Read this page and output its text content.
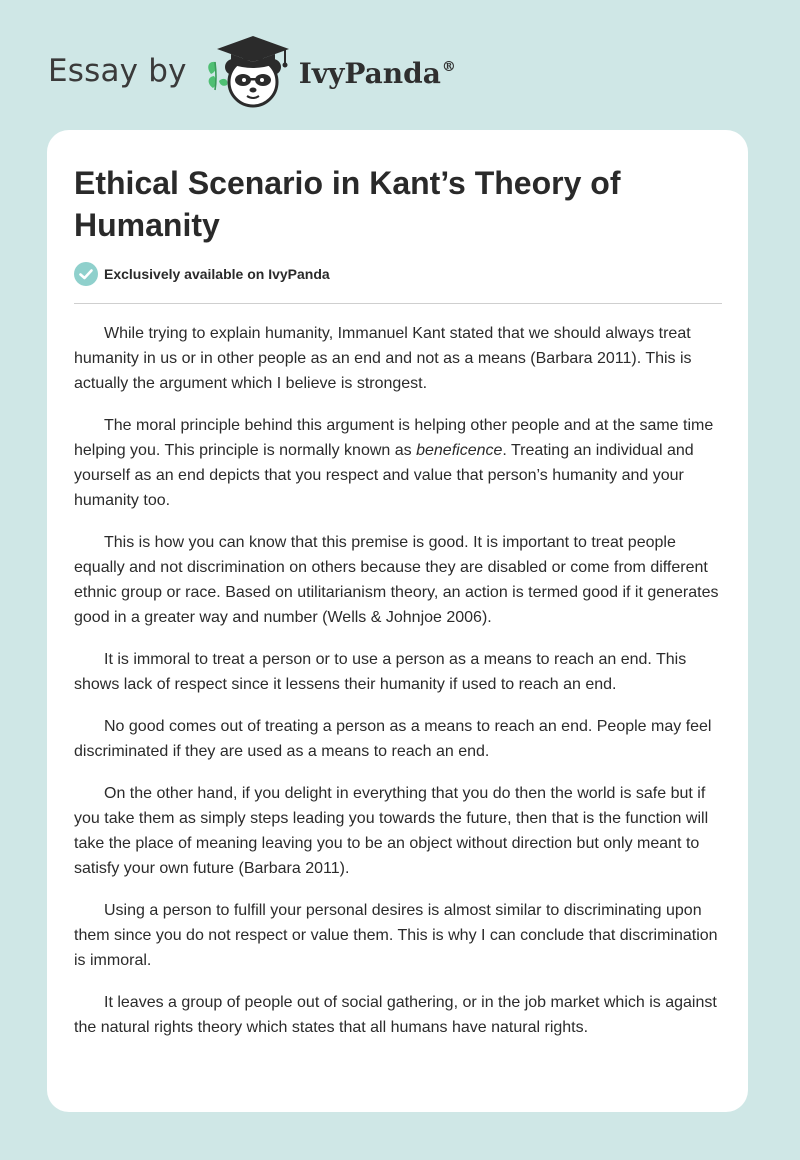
Essay by	IvyPanda®
Ethical Scenario in Kant’s Theory of Humanity
Exclusively available on IvyPanda

While trying to explain humanity, Immanuel Kant stated that we should always treat humanity in us or in other people as an end and not as a means (Barbara 2011). This is actually the argument which I believe is strongest.

The moral principle behind this argument is helping other people and at the same time helping you. This principle is normally known as beneficence. Treating an individual and yourself as an end depicts that you respect and value that person’s humanity and your humanity too.

This is how you can know that this premise is good. It is important to treat people equally and not discrimination on others because they are disabled or come from different ethnic group or race. Based on utilitarianism theory, an action is termed good if it generates good in a greater way and number (Wells & Johnjoe 2006).

It is immoral to treat a person or to use a person as a means to reach an end. This shows lack of respect since it lessens their humanity if used to reach an end.

No good comes out of treating a person as a means to reach an end. People may feel discriminated if they are used as a means to reach an end.

On the other hand, if you delight in everything that you do then the world is safe but if you take them as simply steps leading you towards the future, then that is the function will take the place of meaning leaving you to be an object without direction but only meant to satisfy your own future (Barbara 2011).

Using a person to fulfill your personal desires is almost similar to discriminating upon them since you do not respect or value them. This is why I can conclude that discrimination is immoral.

It leaves a group of people out of social gathering, or in the job market which is against the natural rights theory which states that all humans have natural rights.
